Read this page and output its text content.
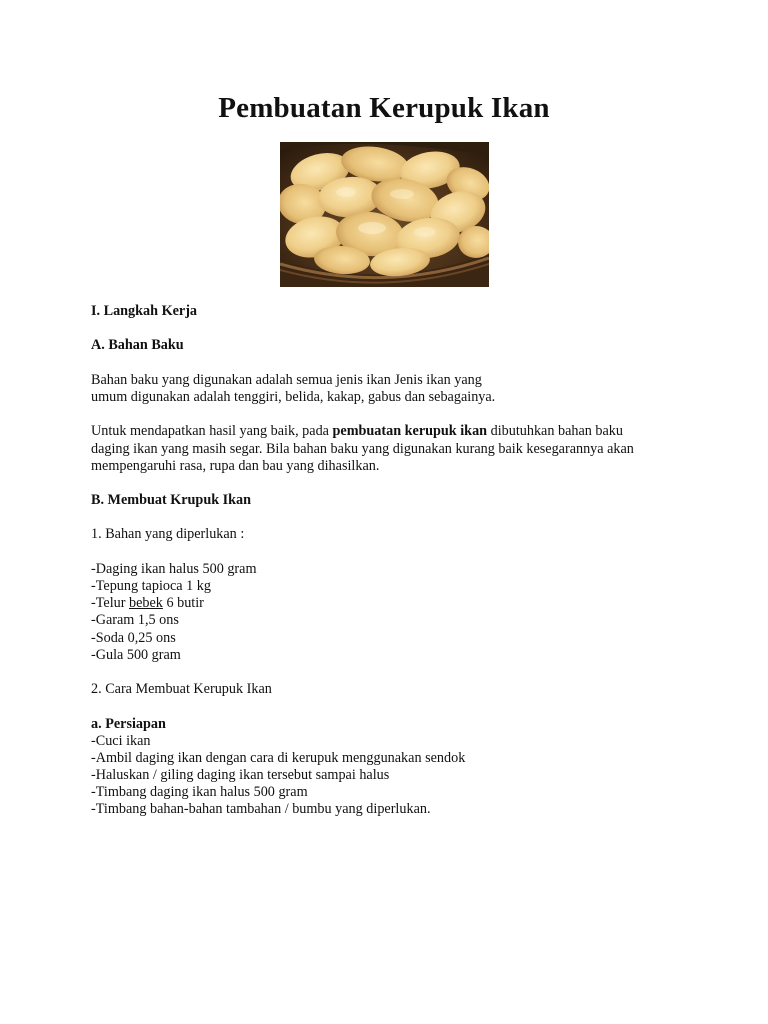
Pembuatan Kerupuk Ikan
I. Langkah Kerja
A. Bahan Baku
Bahan baku yang digunakan adalah semua jenis ikan Jenis ikan yang
umum digunakan adalah tenggiri, belida, kakap, gabus dan sebagainya.
Untuk mendapatkan hasil yang baik, pada pembuatan kerupuk ikan dibutuhkan bahan baku
daging ikan yang masih segar. Bila bahan baku yang digunakan kurang baik kesegarannya akan
mempengaruhi rasa, rupa dan bau yang dihasilkan.
B. Membuat Krupuk Ikan
1. Bahan yang diperlukan :
-Daging ikan halus 500 gram
-Tepung tapioca 1 kg
-Telur bebek 6 butir
-Garam 1,5 ons
-Soda 0,25 ons
-Gula 500 gram
2. Cara Membuat Kerupuk Ikan
a. Persiapan
-Cuci ikan
-Ambil daging ikan dengan cara di kerupuk menggunakan sendok
-Haluskan / giling daging ikan tersebut sampai halus
-Timbang daging ikan halus 500 gram
-Timbang bahan-bahan tambahan / bumbu yang diperlukan.
